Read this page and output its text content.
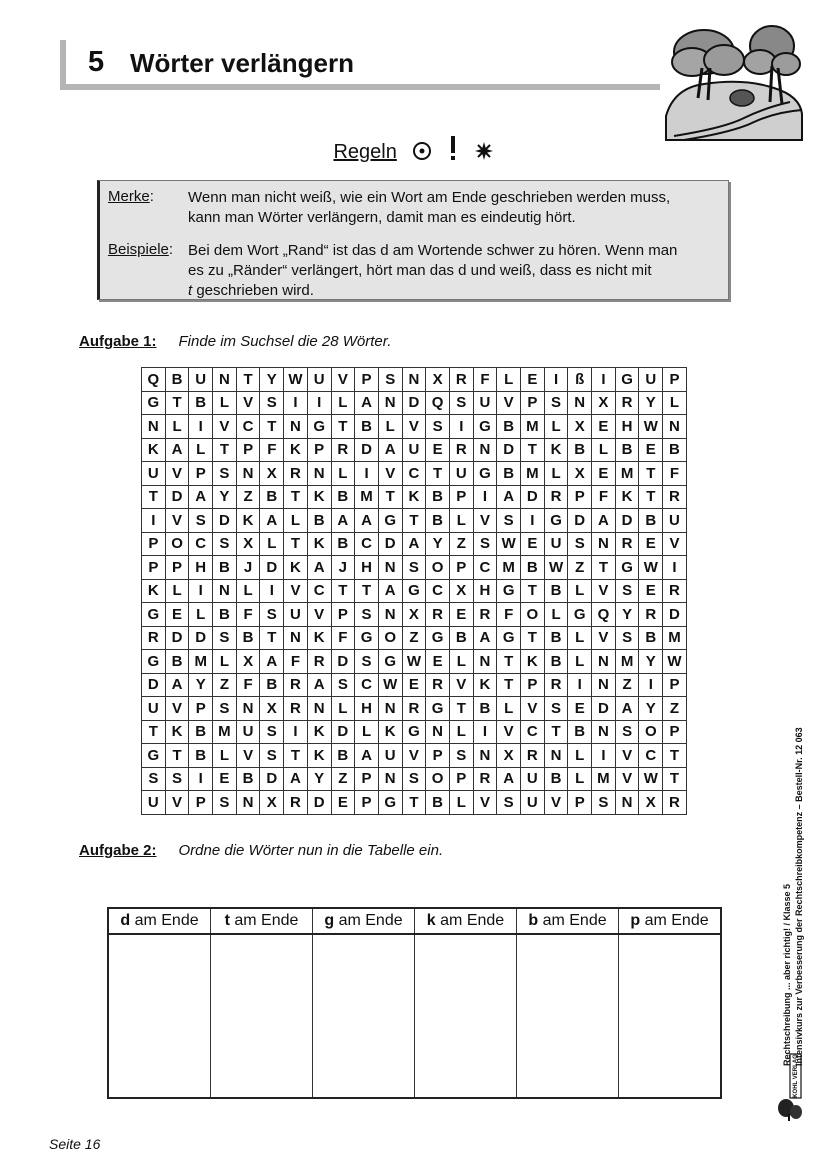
5 Wörter verlängern
Regeln
Merke: Wenn man nicht weiß, wie ein Wort am Ende geschrieben werden muss,
kann man Wörter verlängern, damit man es eindeutig hört.
Beispiele: Bei dem Wort „Rand“ ist das d am Wortende schwer zu hören. Wenn man
es zu „Ränder“ verlängert, hört man das d und weiß, dass es nicht mit
t geschrieben wird.
Aufgabe 1: Finde im Suchsel die 28 Wörter.
Q	B	U	N	T	Y	W	U	V	P	S	N	X	R	F	L	E	I	ß	I	G	U	P
G	T	B	L	V	S	I	I	L	A	N	D	Q	S	U	V	P	S	N	X	R	Y	L
N	L	I	V	C	T	N	G	T	B	L	V	S	I	G	B	M	L	X	E	H	W	N
K	A	L	T	P	F	K	P	R	D	A	U	E	R	N	D	T	K	B	L	B	E	B
U	V	P	S	N	X	R	N	L	I	V	C	T	U	G	B	M	L	X	E	M	T	F
T	D	A	Y	Z	B	T	K	B	M	T	K	B	P	I	A	D	R	P	F	K	T	R
I	V	S	D	K	A	L	B	A	A	G	T	B	L	V	S	I	G	D	A	D	B	U
P	O	C	S	X	L	T	K	B	C	D	A	Y	Z	S	W	E	U	S	N	R	E	V
P	P	H	B	J	D	K	A	J	H	N	S	O	P	C	M	B	W	Z	T	G	W	I
K	L	I	N	L	I	V	C	T	T	A	G	C	X	H	G	T	B	L	V	S	E	R
G	E	L	B	F	S	U	V	P	S	N	X	R	E	R	F	O	L	G	Q	Y	R	D
R	D	D	S	B	T	N	K	F	G	O	Z	G	B	A	G	T	B	L	V	S	B	M
G	B	M	L	X	A	F	R	D	S	G	W	E	L	N	T	K	B	L	N	M	Y	W
D	A	Y	Z	F	B	R	A	S	C	W	E	R	V	K	T	P	R	I	N	Z	I	P
U	V	P	S	N	X	R	N	L	H	N	R	G	T	B	L	V	S	E	D	A	Y	Z
T	K	B	M	U	S	I	K	D	L	K	G	N	L	I	V	C	T	B	N	S	O	P
G	T	B	L	V	S	T	K	B	A	U	V	P	S	N	X	R	N	L	I	V	C	T
S	S	I	E	B	D	A	Y	Z	P	N	S	O	P	R	A	U	B	L	M	V	W	T
U	V	P	S	N	X	R	D	E	P	G	T	B	L	V	S	U	V	P	S	N	X	R
Aufgabe 2: Ordne die Wörter nun in die Tabelle ein.
d am Ende	t am Ende	g am Ende	k am Ende	b am Ende	p am Ende
						Rechtschreibung ... aber richtig! / Klasse 5 Intensivkurs zur Verbesserung der Rechtschreibkompetenz – Bestell-Nr. 12 063
KOHL VERLAG
Seite 16
